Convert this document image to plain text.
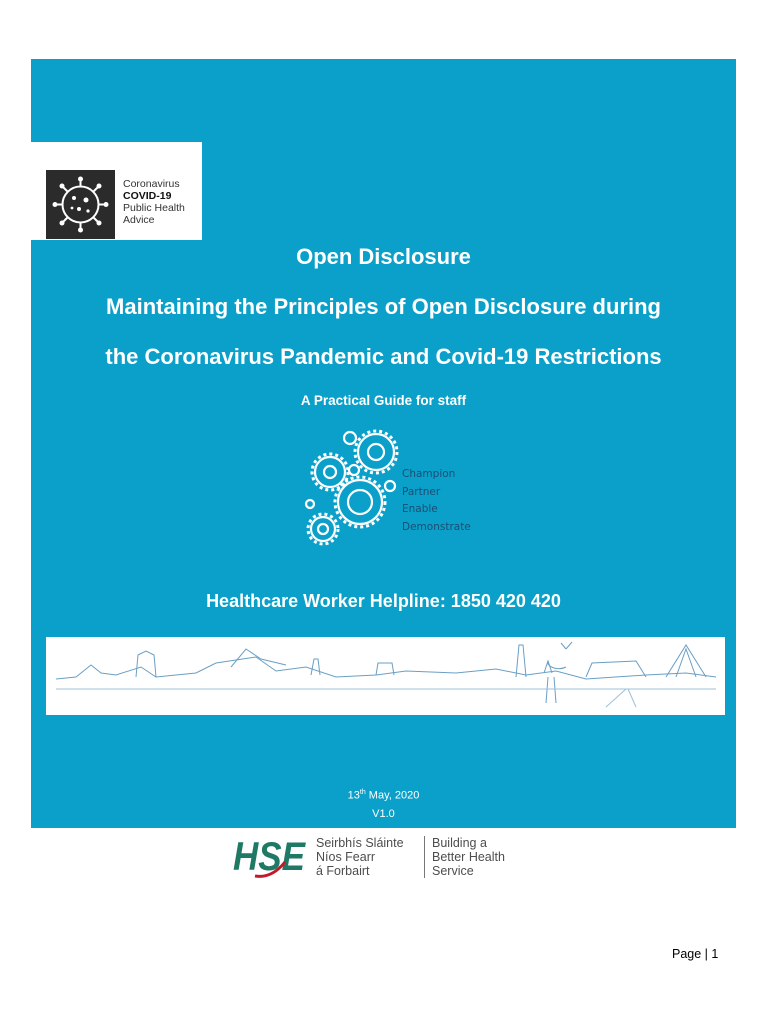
Coronavirus
COVID-19
Public Health
Advice
Open Disclosure
Maintaining the Principles of Open Disclosure during
the Coronavirus Pandemic and Covid-19 Restrictions
A Practical Guide for staff
Champion
Partner
Enable
Demonstrate
Healthcare Worker Helpline: 1850 420 420
13th May, 2020
V1.0
HSE Seirbhís Sláinte
Níos Fearr
á Forbairt
Building a
Better Health
Service
Page | 1
